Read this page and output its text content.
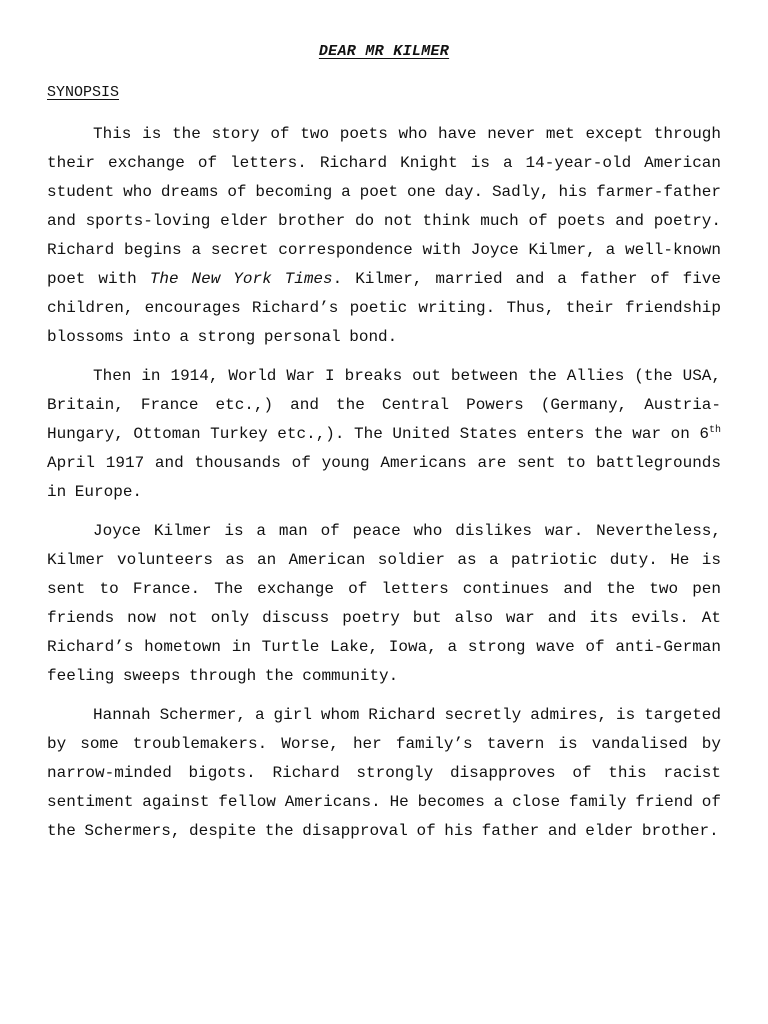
DEAR MR KILMER
SYNOPSIS

This is the story of two poets who have never met except through their exchange of letters. Richard Knight is a 14-year-old American student who dreams of becoming a poet one day. Sadly, his farmer-father and sports-loving elder brother do not think much of poets and poetry. Richard begins a secret correspondence with Joyce Kilmer, a well-known poet with The New York Times. Kilmer, married and a father of five children, encourages Richard’s poetic writing. Thus, their friendship blossoms into a strong personal bond.

Then in 1914, World War I breaks out between the Allies (the USA, Britain, France etc.,) and the Central Powers (Germany, Austria-Hungary, Ottoman Turkey etc.,). The United States enters the war on 6th April 1917 and thousands of young Americans are sent to battlegrounds in Europe.

Joyce Kilmer is a man of peace who dislikes war. Nevertheless, Kilmer volunteers as an American soldier as a patriotic duty. He is sent to France. The exchange of letters continues and the two pen friends now not only discuss poetry but also war and its evils. At Richard’s hometown in Turtle Lake, Iowa, a strong wave of anti-German feeling sweeps through the community.

Hannah Schermer, a girl whom Richard secretly admires, is targeted by some troublemakers. Worse, her family’s tavern is vandalised by narrow-minded bigots. Richard strongly disapproves of this racist sentiment against fellow Americans. He becomes a close family friend of the Schermers, despite the disapproval of his father and elder brother.
